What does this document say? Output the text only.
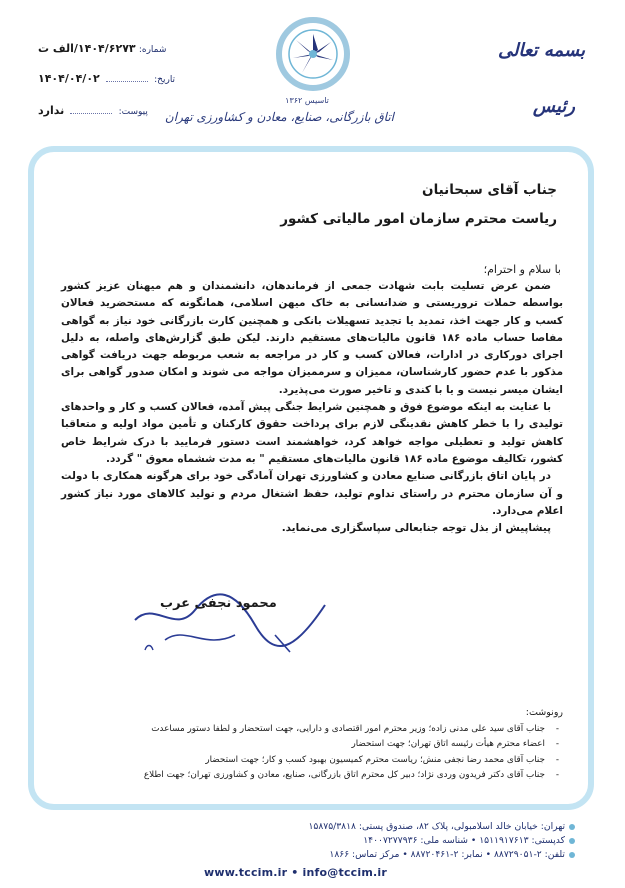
شماره: ۱۴۰۴/۶۲۷۳/الف ت
تاریخ:  ۱۴۰۴/۰۴/۰۲
پیوست:  ندارد
تاسیس ۱۳۶۲
اتاق بازرگانی، صنایع، معادن و کشاورزی تهران
بسمه تعالی
رئیس
جناب آقای سبحانیان
ریاست محترم سازمان امور مالیاتی کشور
با سلام و احترام؛

ضمن عرض تسلیت بابت شهادت جمعی از فرماندهان، دانشمندان و هم میهنان عزیز کشور بواسطه حملات تروریستی و ضدانسانی به خاک میهن اسلامی، همانگونه که مستحضرید فعالان کسب و کار جهت اخذ، تمدید یا تجدید تسهیلات بانکی و همچنین کارت بازرگانی خود نیاز به گواهی مفاصا حساب ماده ۱۸۶ قانون مالیات‌های مستقیم دارند. لیکن طبق گزارش‌های واصله، به دلیل اجرای دورکاری در ادارات، فعالان کسب و کار در مراجعه به شعب مربوطه جهت دریافت گواهی مذکور با عدم حضور کارشناسان، ممیزان و سرممیزان مواجه می شوند و امکان صدور گواهی برای ایشان میسر نیست و یا با کندی و تاخیر صورت می‌پذیرد.

با عنایت به اینکه موضوع فوق و همچنین شرایط جنگی پیش آمده، فعالان کسب و کار و واحدهای تولیدی را با خطر کاهش نقدینگی لازم برای پرداخت حقوق کارکنان و تأمین مواد اولیه و متعاقبا کاهش تولید و تعطیلی مواجه خواهد کرد، خواهشمند است دستور فرمایید با درک شرایط خاص کشور، تکالیف موضوع ماده ۱۸۶ قانون مالیات‌های مستقیم " به مدت ششماه معوق " گردد.

در پایان اتاق بازرگانی صنایع معادن و کشاورزی تهران آمادگی خود برای هرگونه همکاری با دولت و آن سازمان محترم در راستای تداوم تولید، حفظ اشتغال مردم و تولید کالاهای مورد نیاز کشور اعلام می‌دارد.

پیشاپیش از بذل توجه جنابعالی سپاسگزاری می‌نماید.

محمود نجفی عرب
رونوشت:
- جناب آقای سید علی مدنی زاده؛ وزیر محترم امور اقتصادی و دارایی، جهت استحضار و لطفا دستور مساعدت
- اعضاء محترم هیأت رئیسه اتاق تهران؛ جهت استحضار
- جناب آقای محمد رضا نجفی منش؛ ریاست محترم کمیسیون بهبود کسب و کار؛ جهت استحضار
- جناب آقای دکتر فریدون وردی نژاد؛ دبیر کل محترم اتاق بازرگانی، صنایع، معادن و کشاورزی تهران؛ جهت اطلاع
تهران: خیابان خالد اسلامبولی، پلاک ۸۲، صندوق پستی: ۱۵۸۷۵/۳۸۱۸
کدپستی: ۱۵۱۱۹۱۷۶۱۳ • شناسه ملی: ۱۴۰۰۷۲۷۷۹۳۶
تلفن: ۲-۸۸۷۲۹۰۵۱ • نمابر: ۲-۸۸۷۲۰۴۶۱ • مرکز تماس: ۱۸۶۶
www.tccim.ir • info@tccim.ir
